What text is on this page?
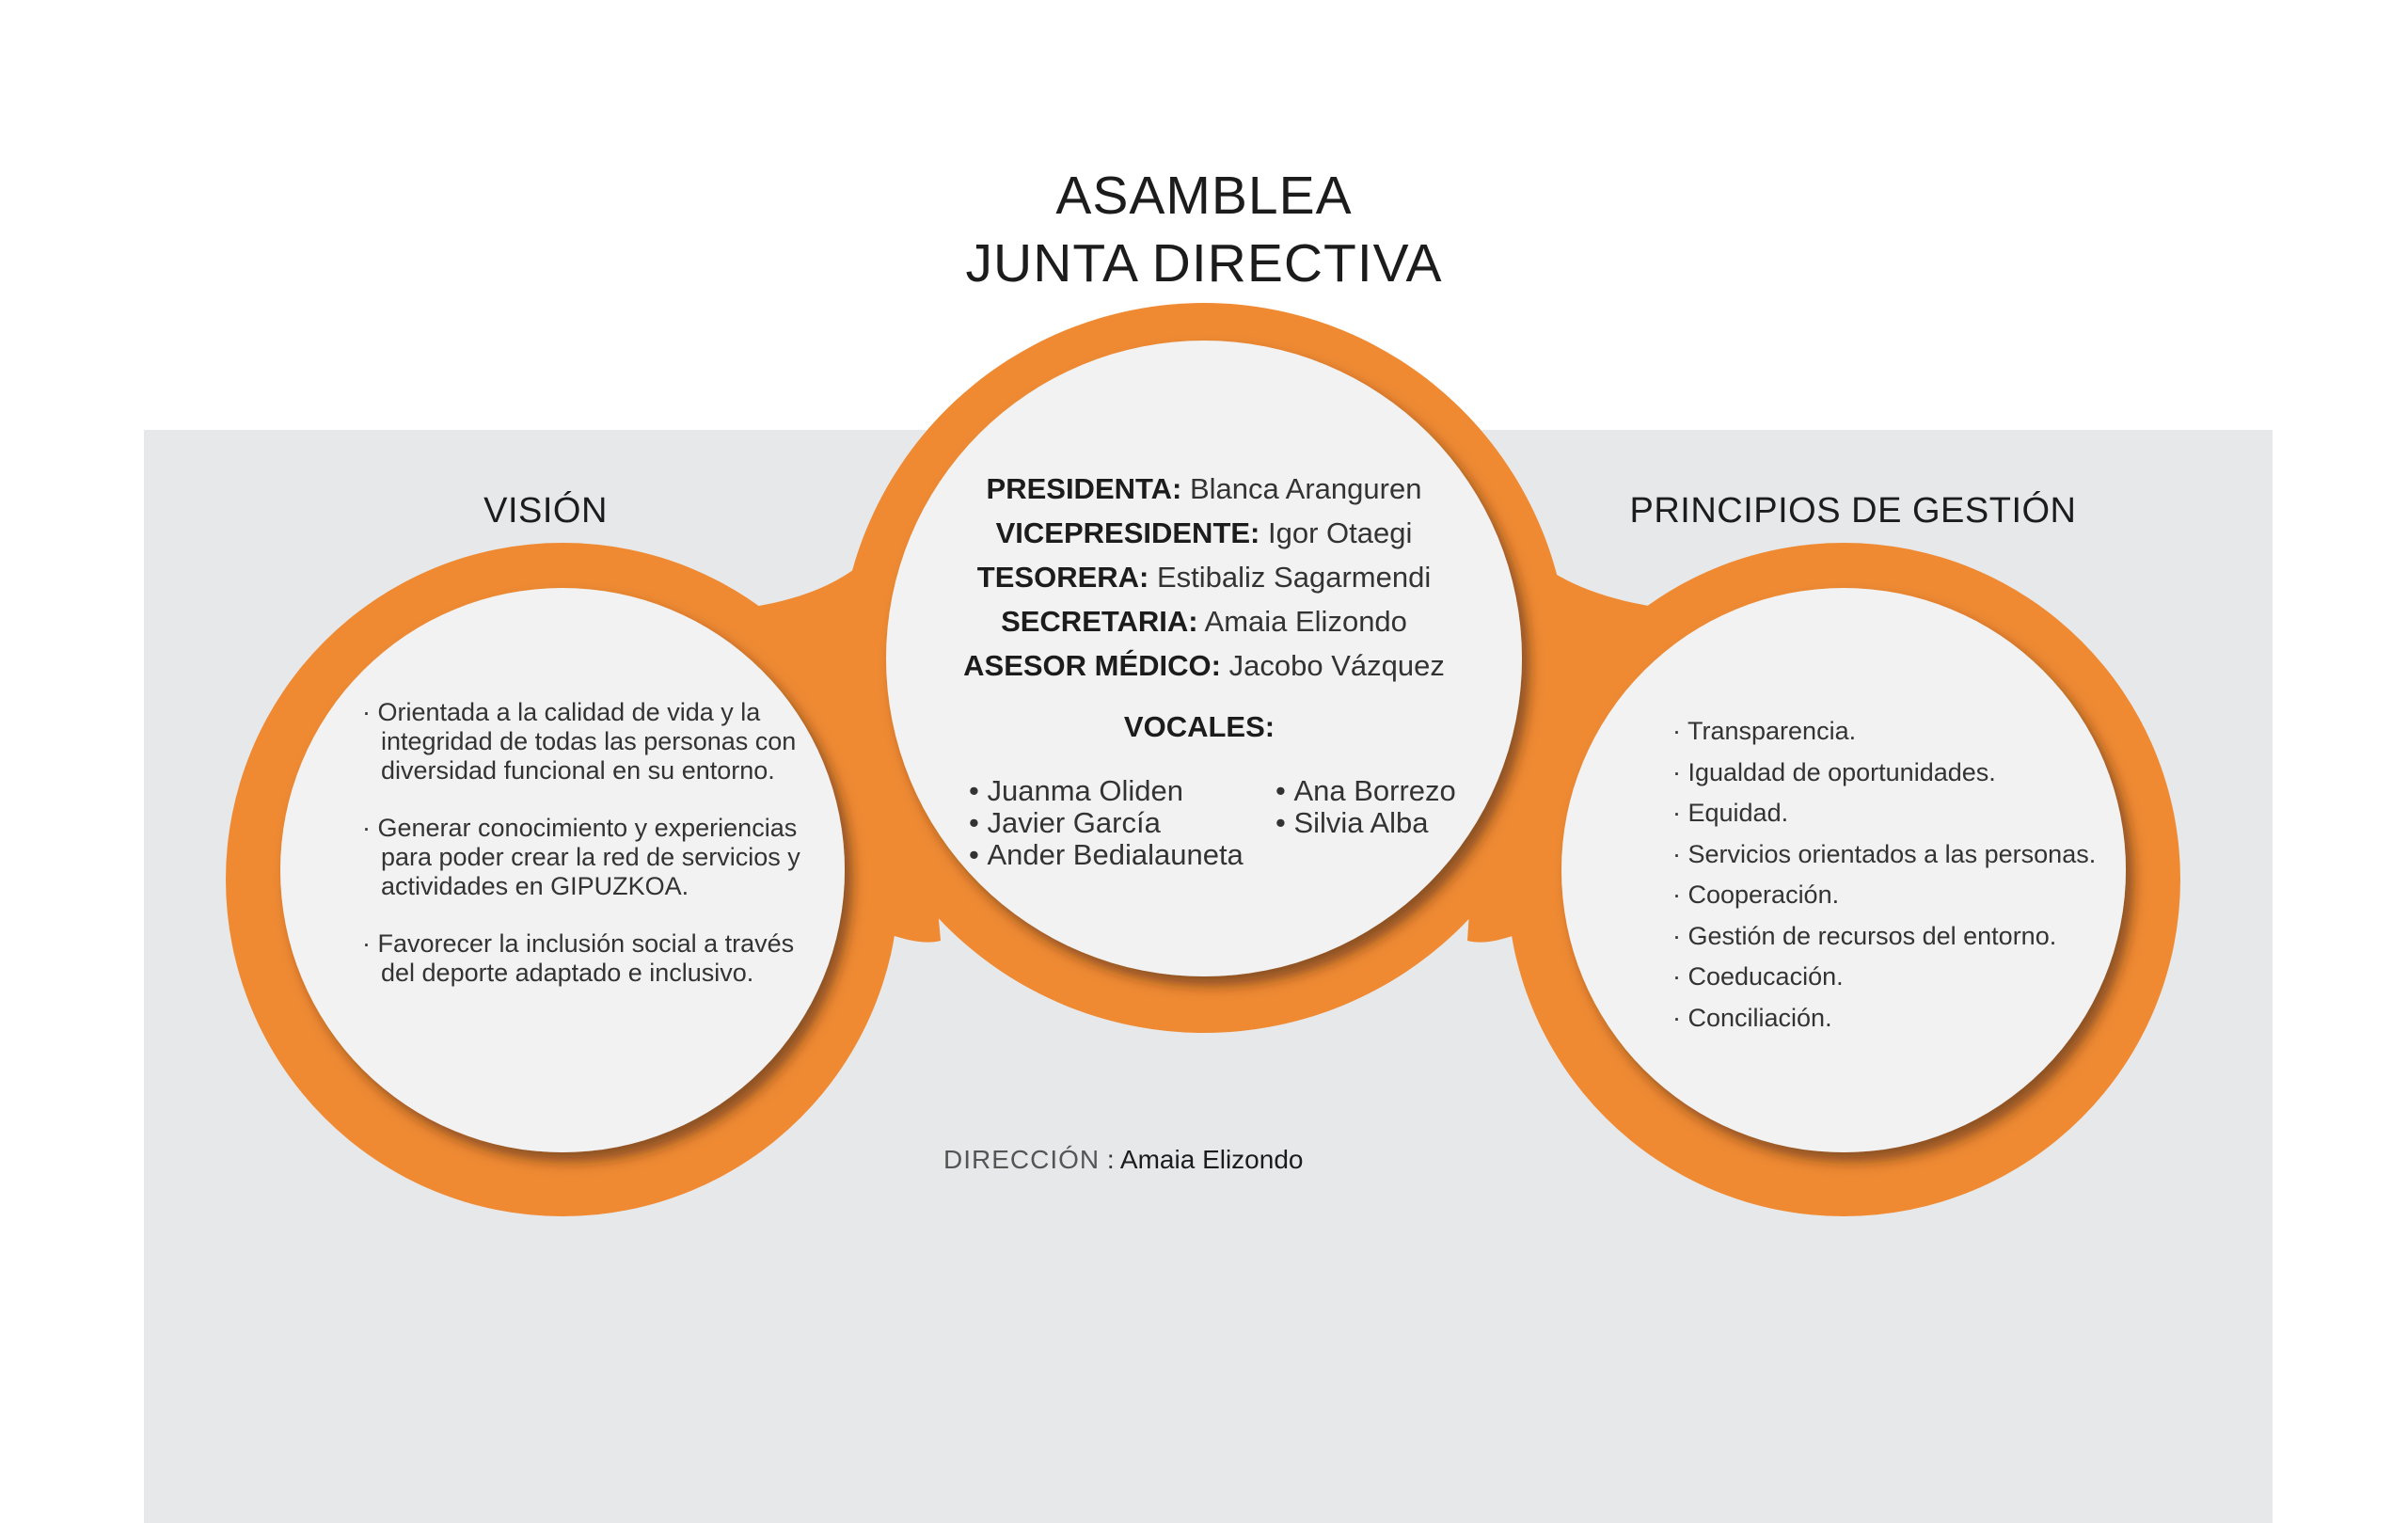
ASAMBLEA
JUNTA DIRECTIVA
VISIÓN	PRINCIPIOS DE GESTIÓN
· Orientada a la calidad de vida y la integridad de todas las personas con diversidad funcional en su entorno.
· Generar conocimiento y experiencias para poder crear la red de servicios y actividades en GIPUZKOA.
· Favorecer la inclusión social a través del deporte adaptado e inclusivo.
PRESIDENTA: Blanca Aranguren
VICEPRESIDENTE: Igor Otaegi
TESORERA: Estibaliz Sagarmendi
SECRETARIA: Amaia Elizondo
ASESOR MÉDICO: Jacobo Vázquez
VOCALES:
• Juanma Oliden
• Javier García
• Ander Bedialauneta
• Ana Borrezo
• Silvia Alba
· Transparencia.
· Igualdad de oportunidades.
· Equidad.
· Servicios orientados a las personas.
· Cooperación.
· Gestión de recursos del entorno.
· Coeducación.
· Conciliación.
DIRECCIÓN : Amaia Elizondo
